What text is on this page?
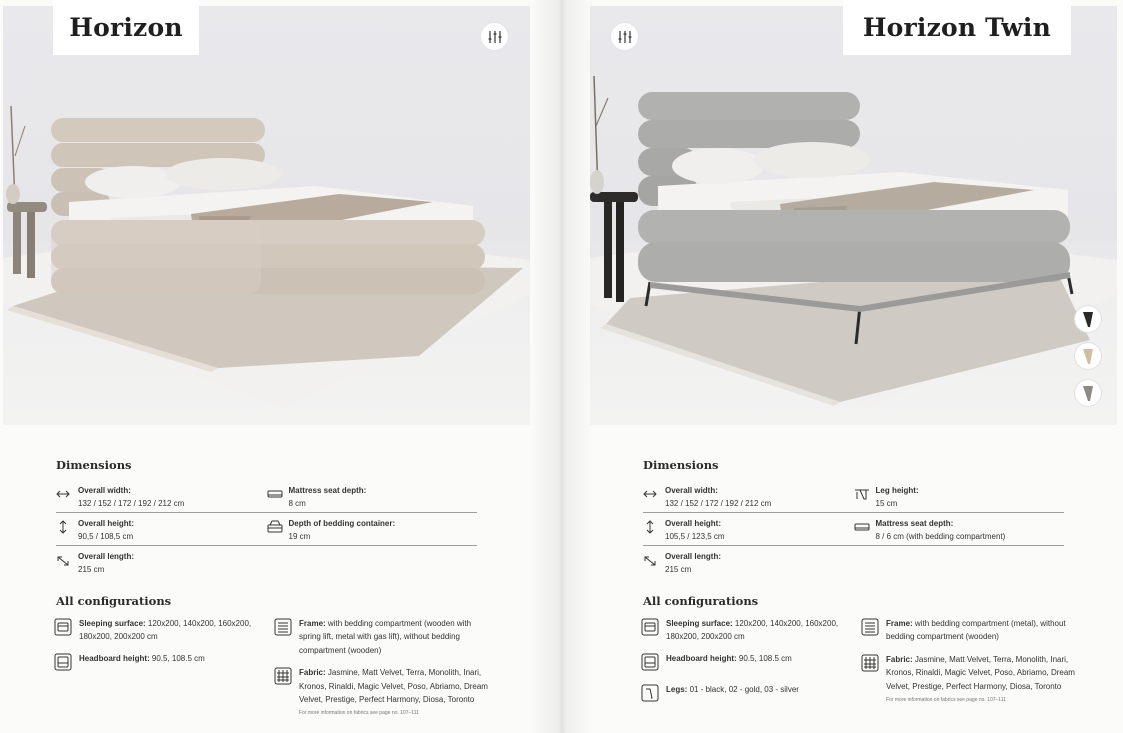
Horizon
Dimensions
Overall width:
132 / 152 / 172 / 192 / 212 cm
Mattress seat depth:
8 cm
Overall height:
90,5 / 108,5 cm
Depth of bedding container:
19 cm
Overall length:
215 cm
All configurations
Sleeping surface: 120x200, 140x200, 160x200, 180x200, 200x200 cm
Headboard height: 90.5, 108.5 cm
Frame: with bedding compartment (wooden with spring lift, metal with gas lift), without bedding compartment (wooden)
Fabric: Jasmine, Matt Velvet, Terra, Monolith, Inari, Kronos, Rinaldi, Magic Velvet, Poso, Abriamo, Dream Velvet, Prestige, Perfect Harmony, Diosa, Toronto
For more information on fabrics see page no. 107–111
Horizon Twin
Dimensions
Overall width:
132 / 152 / 172 / 192 / 212 cm
Leg height:
15 cm
Overall height:
105,5 / 123,5 cm
Mattress seat depth:
8 / 6 cm (with bedding compartment)
Overall length:
215 cm
All configurations
Sleeping surface: 120x200, 140x200, 160x200, 180x200, 200x200 cm
Headboard height: 90.5, 108.5 cm
Legs: 01 - black, 02 - gold, 03 - silver
Frame: with bedding compartment (metal), without bedding compartment (wooden)
Fabric: Jasmine, Matt Velvet, Terra, Monolith, Inari, Kronos, Rinaldi, Magic Velvet, Poso, Abriamo, Dream Velvet, Prestige, Perfect Harmony, Diosa, Toronto
For more information on fabrics see page no. 107–111
